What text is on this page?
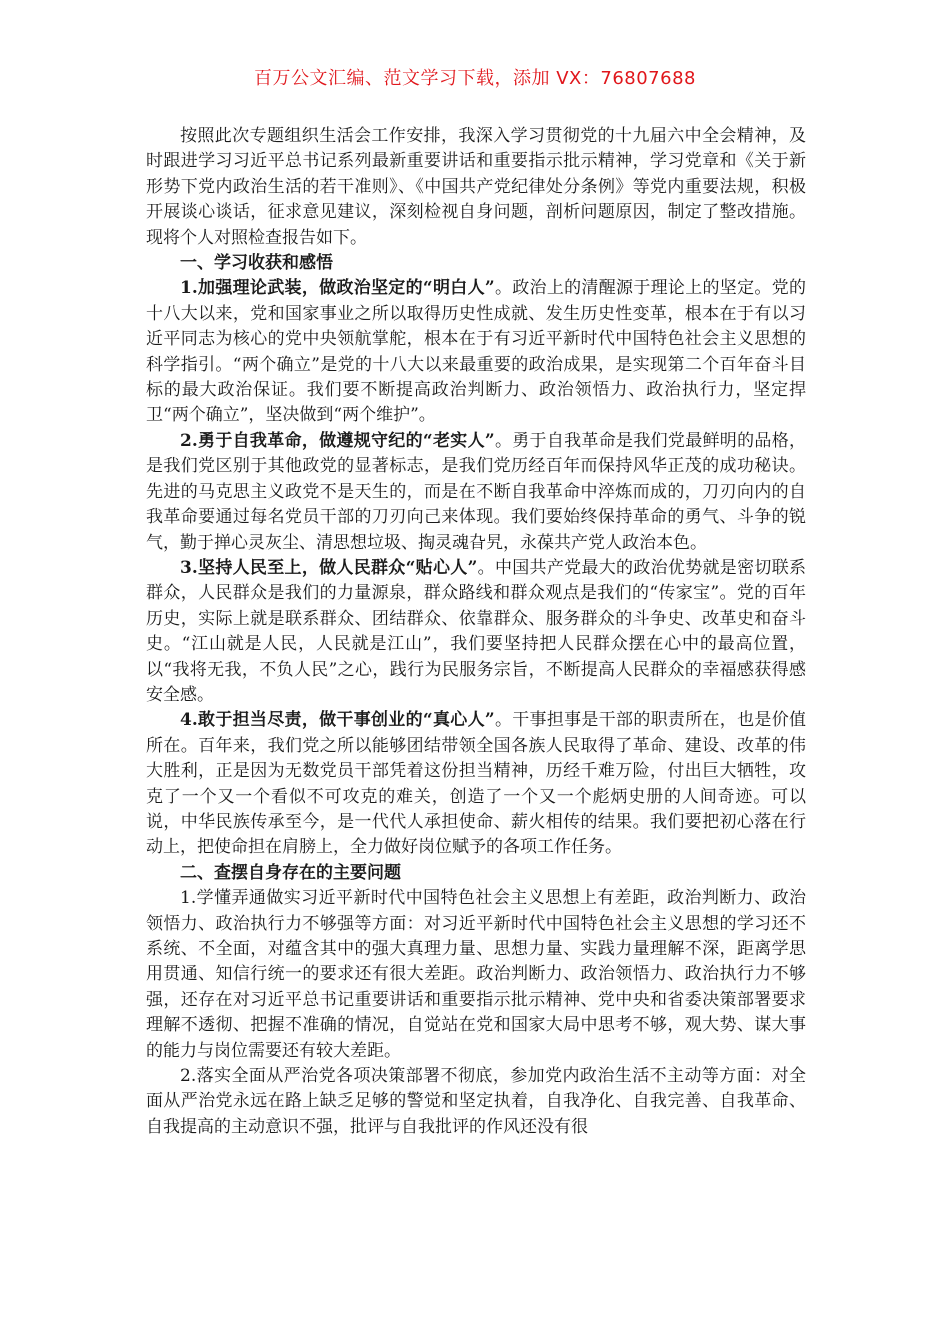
百万公文汇编、范文学习下载，添加 VX：76807688

按照此次专题组织生活会工作安排，我深入学习贯彻党的十九届六中全会精神，及时跟进学习习近平总书记系列最新重要讲话和重要指示批示精神，学习党章和《关于新形势下党内政治生活的若干准则》、《中国共产党纪律处分条例》等党内重要法规，积极开展谈心谈话，征求意见建议，深刻检视自身问题，剖析问题原因，制定了整改措施。现将个人对照检查报告如下。

一、学习收获和感悟

1.加强理论武装，做政治坚定的“明白人”。政治上的清醒源于理论上的坚定。党的十八大以来，党和国家事业之所以取得历史性成就、发生历史性变革，根本在于有以习近平同志为核心的党中央领航掌舵，根本在于有习近平新时代中国特色社会主义思想的科学指引。“两个确立”是党的十八大以来最重要的政治成果，是实现第二个百年奋斗目标的最大政治保证。我们要不断提高政治判断力、政治领悟力、政治执行力，坚定捍卫“两个确立”，坚决做到“两个维护”。

2.勇于自我革命，做遵规守纪的“老实人”。勇于自我革命是我们党最鲜明的品格，是我们党区别于其他政党的显著标志，是我们党历经百年而保持风华正茂的成功秘诀。先进的马克思主义政党不是天生的，而是在不断自我革命中淬炼而成的，刀刃向内的自我革命要通过每名党员干部的刀刃向己来体现。我们要始终保持革命的勇气、斗争的锐气，勤于掸心灵灰尘、清思想垃圾、掏灵魂旮旯，永葆共产党人政治本色。

3.坚持人民至上，做人民群众“贴心人”。中国共产党最大的政治优势就是密切联系群众，人民群众是我们的力量源泉，群众路线和群众观点是我们的“传家宝”。党的百年历史，实际上就是联系群众、团结群众、依靠群众、服务群众的斗争史、改革史和奋斗史。“江山就是人民，人民就是江山”，我们要坚持把人民群众摆在心中的最高位置，以“我将无我，不负人民”之心，践行为民服务宗旨，不断提高人民群众的幸福感获得感安全感。

4.敢于担当尽责，做干事创业的“真心人”。干事担事是干部的职责所在，也是价值所在。百年来，我们党之所以能够团结带领全国各族人民取得了革命、建设、改革的伟大胜利，正是因为无数党员干部凭着这份担当精神，历经千难万险，付出巨大牺牲，攻克了一个又一个看似不可攻克的难关，创造了一个又一个彪炳史册的人间奇迹。可以说，中华民族传承至今，是一代代人承担使命、薪火相传的结果。我们要把初心落在行动上，把使命担在肩膀上，全力做好岗位赋予的各项工作任务。

二、查摆自身存在的主要问题

1.学懂弄通做实习近平新时代中国特色社会主义思想上有差距，政治判断力、政治领悟力、政治执行力不够强等方面：对习近平新时代中国特色社会主义思想的学习还不系统、不全面，对蕴含其中的强大真理力量、思想力量、实践力量理解不深，距离学思用贯通、知信行统一的要求还有很大差距。政治判断力、政治领悟力、政治执行力不够强，还存在对习近平总书记重要讲话和重要指示批示精神、党中央和省委决策部署要求理解不透彻、把握不准确的情况，自觉站在党和国家大局中思考不够，观大势、谋大事的能力与岗位需要还有较大差距。

2.落实全面从严治党各项决策部署不彻底，参加党内政治生活不主动等方面：对全面从严治党永远在路上缺乏足够的警觉和坚定执着，自我净化、自我完善、自我革命、自我提高的主动意识不强，批评与自我批评的作风还没有很
